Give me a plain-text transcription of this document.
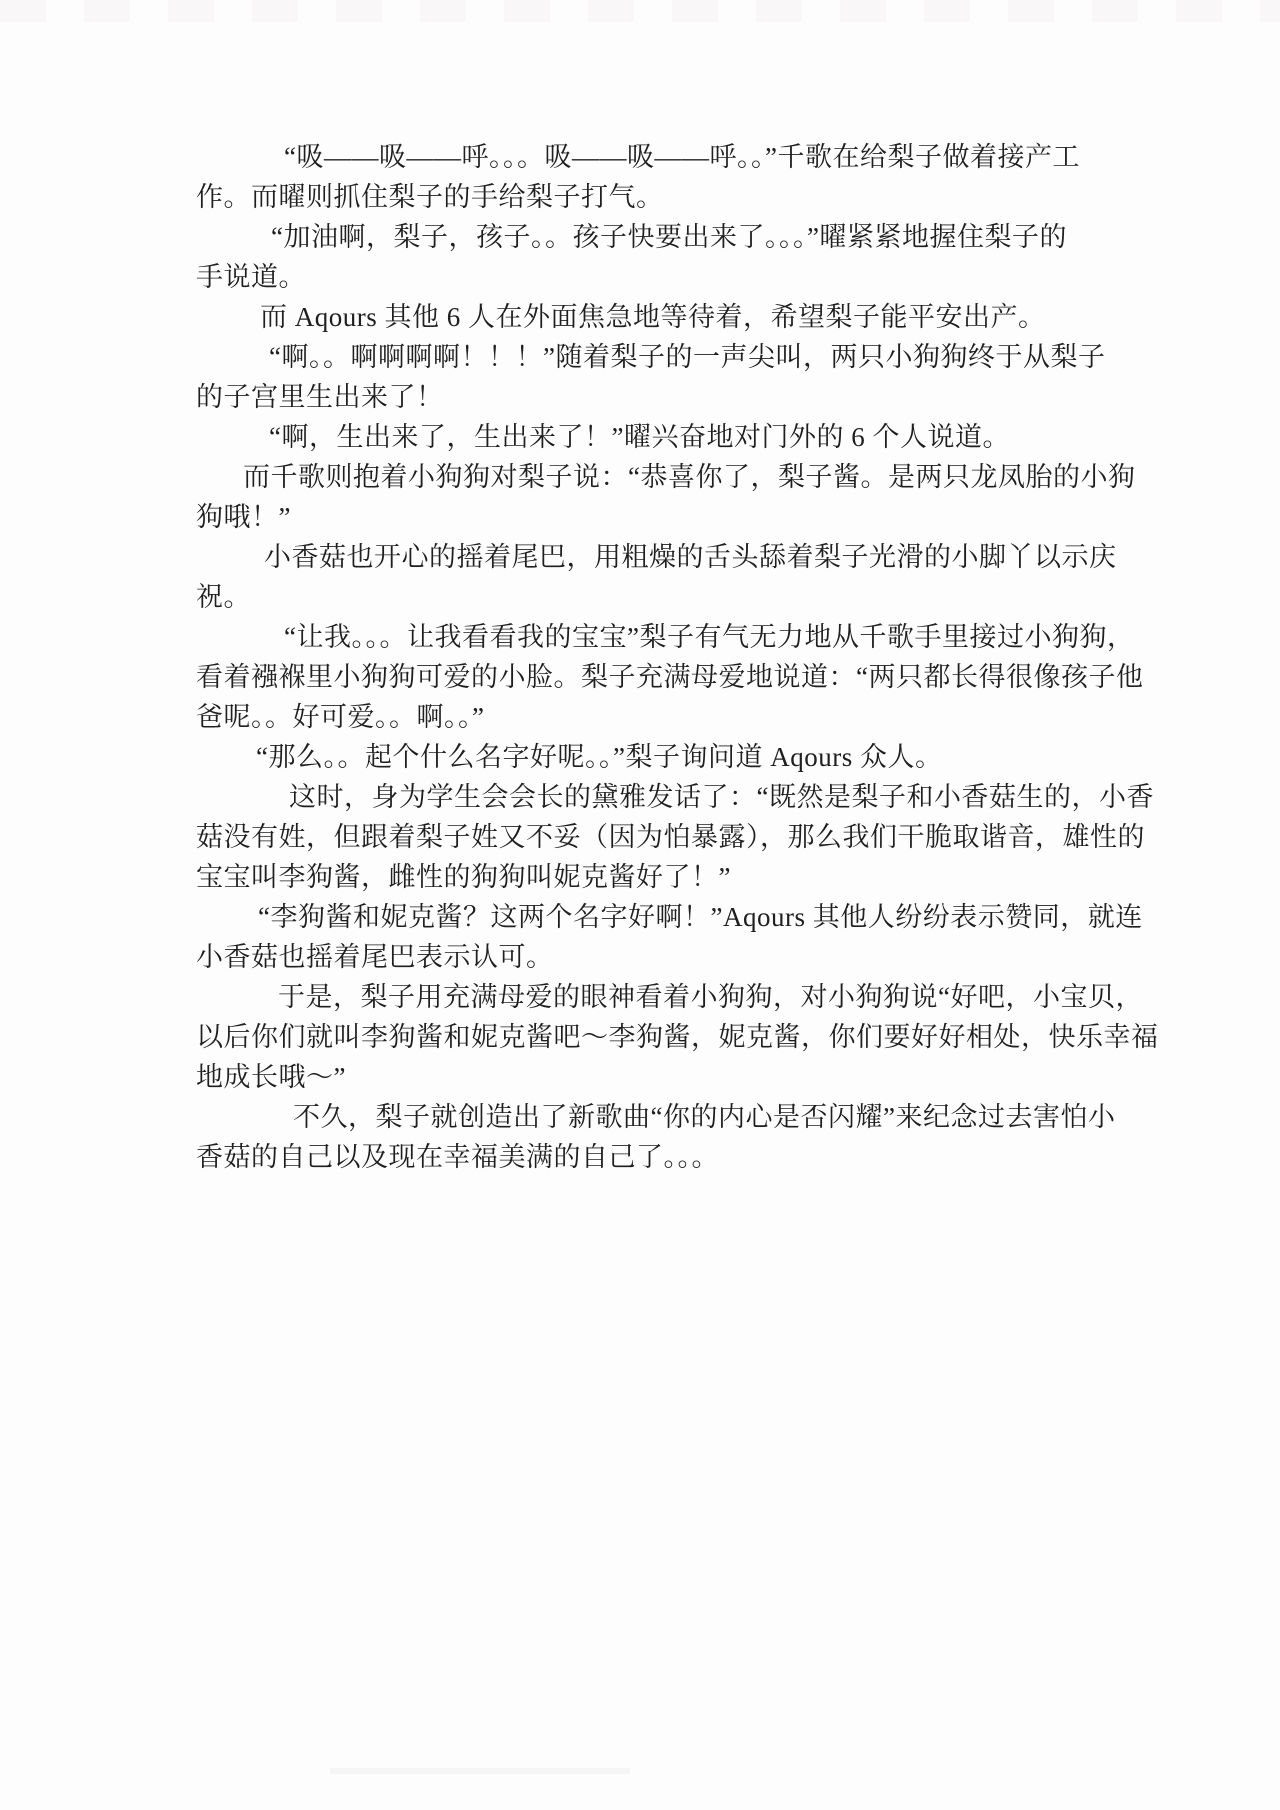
“吸——吸——呼。。。吸——吸——呼。。”千歌在给梨子做着接产工
作。而曜则抓住梨子的手给梨子打气。
“加油啊，梨子，孩子。。孩子快要出来了。。。”曜紧紧地握住梨子的
手说道。
而 Aqours 其他 6 人在外面焦急地等待着，希望梨子能平安出产。
“啊。。啊啊啊啊！！！”随着梨子的一声尖叫，两只小狗狗终于从梨子
的子宫里生出来了！
“啊，生出来了，生出来了！”曜兴奋地对门外的 6 个人说道。
而千歌则抱着小狗狗对梨子说：“恭喜你了，梨子酱。是两只龙凤胎的小狗
狗哦！”
小香菇也开心的摇着尾巴，用粗燥的舌头舔着梨子光滑的小脚丫以示庆
祝。
“让我。。。让我看看我的宝宝”梨子有气无力地从千歌手里接过小狗狗，
看着襁褓里小狗狗可爱的小脸。梨子充满母爱地说道：“两只都长得很像孩子他
爸呢。。好可爱。。啊。。”
“那么。。起个什么名字好呢。。”梨子询问道 Aqours 众人。
这时，身为学生会会长的黛雅发话了：“既然是梨子和小香菇生的，小香
菇没有姓，但跟着梨子姓又不妥（因为怕暴露），那么我们干脆取谐音，雄性的
宝宝叫李狗酱，雌性的狗狗叫妮克酱好了！”
“李狗酱和妮克酱？这两个名字好啊！”Aqours 其他人纷纷表示赞同，就连
小香菇也摇着尾巴表示认可。
于是，梨子用充满母爱的眼神看着小狗狗，对小狗狗说“好吧，小宝贝，
以后你们就叫李狗酱和妮克酱吧～李狗酱，妮克酱，你们要好好相处，快乐幸福
地成长哦～”
不久，梨子就创造出了新歌曲“你的内心是否闪耀”来纪念过去害怕小
香菇的自己以及现在幸福美满的自己了。。。
